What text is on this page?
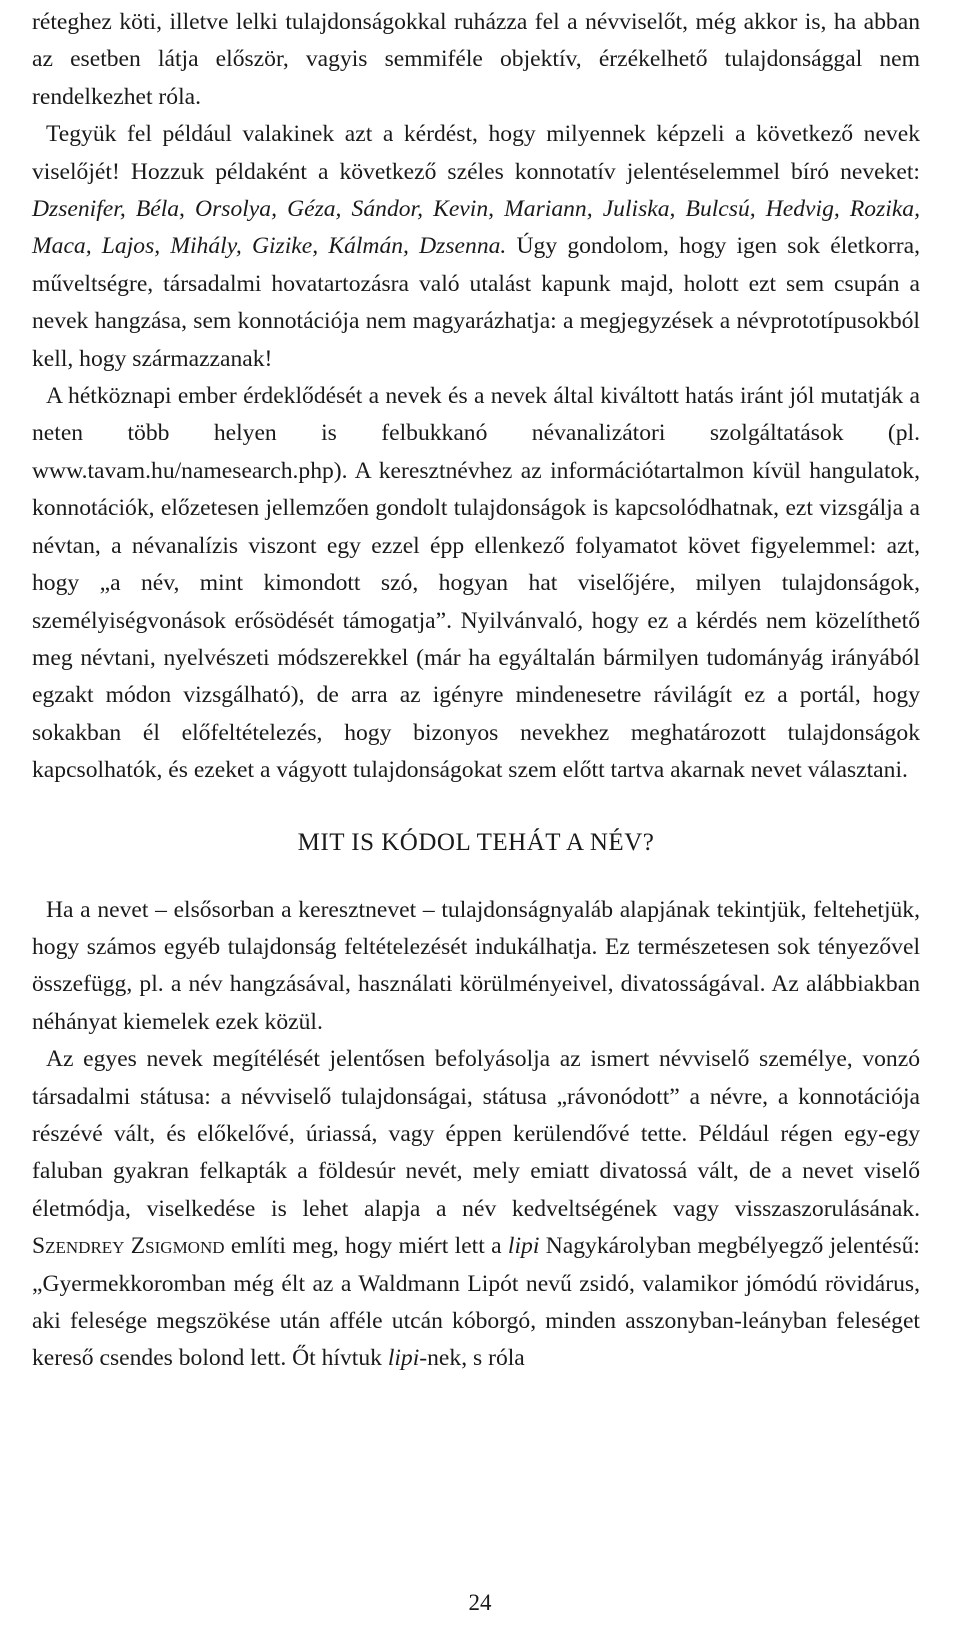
réteghez köti, illetve lelki tulajdonságokkal ruházza fel a névviselőt, még akkor is, ha abban az esetben látja először, vagyis semmiféle objektív, érzékelhető tulajdonsággal nem rendelkezhet róla.

Tegyük fel például valakinek azt a kérdést, hogy milyennek képzeli a következő nevek viselőjét! Hozzuk példaként a következő széles konnotatív jelentéselemmel bíró neveket: Dzsenifer, Béla, Orsolya, Géza, Sándor, Kevin, Mariann, Juliska, Bulcsú, Hedvig, Rozika, Maca, Lajos, Mihály, Gizike, Kálmán, Dzsenna. Úgy gondolom, hogy igen sok életkorra, műveltségre, társadalmi hovatartozásra való utalást kapunk majd, holott ezt sem csupán a nevek hangzása, sem konnotációja nem magyarázhatja: a megjegyzések a névprototípusokból kell, hogy származzanak!

A hétköznapi ember érdeklődését a nevek és a nevek által kiváltott hatás iránt jól mutatják a neten több helyen is felbukkanó névanalizátori szolgáltatások (pl. www.tavam.hu/namesearch.php). A keresztnévhez az információtartalmon kívül hangulatok, konnotációk, előzetesen jellemzően gondolt tulajdonságok is kapcsolódhatnak, ezt vizsgálja a névtan, a névanalízis viszont egy ezzel épp ellenkező folyamatot követ figyelemmel: azt, hogy „a név, mint kimondott szó, hogyan hat viselőjére, milyen tulajdonságok, személyiségvonások erősödését támogatja”. Nyilvánvaló, hogy ez a kérdés nem közelíthető meg névtani, nyelvészeti módszerekkel (már ha egyáltalán bármilyen tudományág irányából egzakt módon vizsgálható), de arra az igényre mindenesetre rávilágít ez a portál, hogy sokakban él előfeltételezés, hogy bizonyos nevekhez meghatározott tulajdonságok kapcsolhatók, és ezeket a vágyott tulajdonságokat szem előtt tartva akarnak nevet választani.

MIT IS KÓDOL TEHÁT A NÉV?

Ha a nevet – elsősorban a keresztnevet – tulajdonságnyaláb alapjának tekintjük, feltehetjük, hogy számos egyéb tulajdonság feltételezését indukálhatja. Ez természetesen sok tényezővel összefügg, pl. a név hangzásával, használati körülményeivel, divatosságával. Az alábbiakban néhányat kiemelek ezek közül.

Az egyes nevek megítélését jelentősen befolyásolja az ismert névviselő személye, vonzó társadalmi státusa: a névviselő tulajdonságai, státusa „rávonódott” a névre, a konnotációja részévé vált, és előkelővé, úriassá, vagy éppen kerülendővé tette. Például régen egy-egy faluban gyakran felkapták a földesúr nevét, mely emiatt divatossá vált, de a nevet viselő életmódja, viselkedése is lehet alapja a név kedveltségének vagy visszaszorulásának. Szendrey Zsigmond említi meg, hogy miért lett a lipi Nagykárolyban megbélyegző jelentésű: „Gyermekkoromban még élt az a Waldmann Lipót nevű zsidó, valamikor jómódú rövidárus, aki felesége megszökése után afféle utcán kóborgó, minden asszonyban-leányban feleséget kereső csendes bolond lett. Őt hívtuk lipi-nek, s róla

24
